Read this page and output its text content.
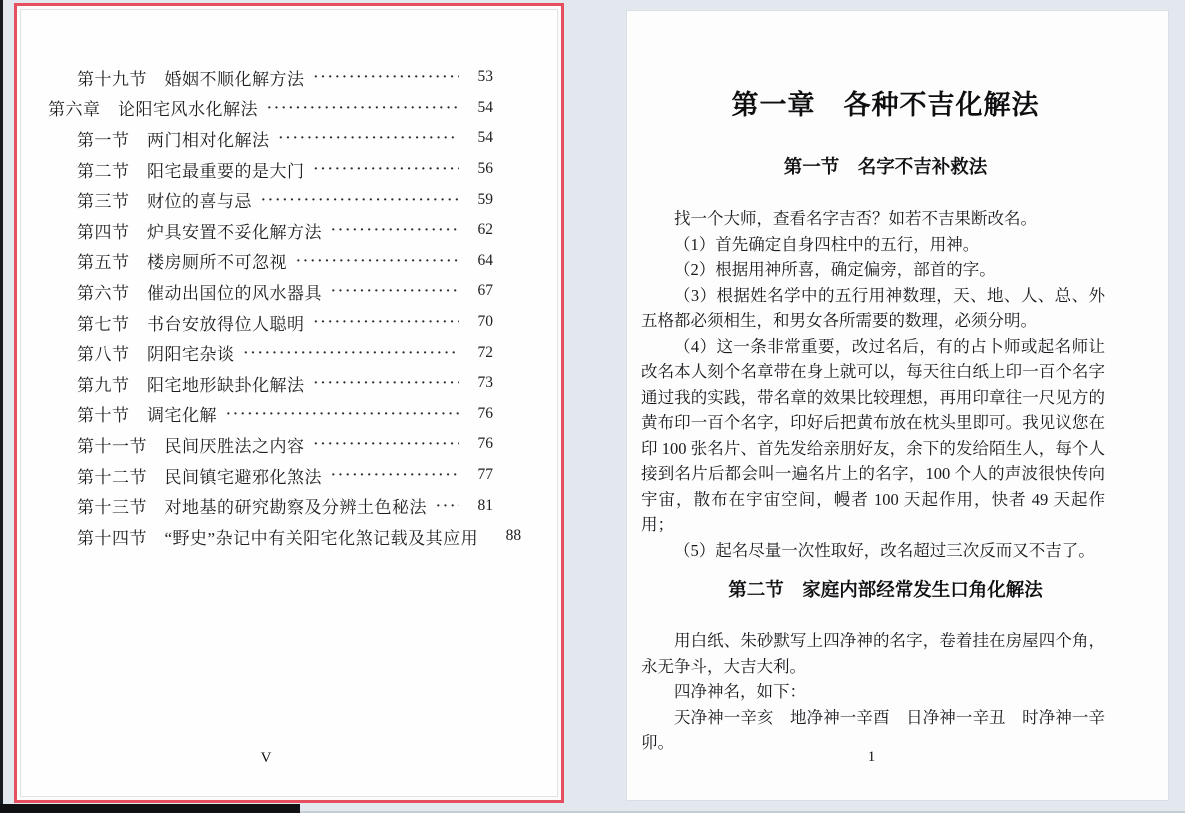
第十九节　婚姻不顺化解方法 ·····	53
第六章　论阳宅风水化解法 ·····	54
第一节　两门相对化解法 ·····	54
第二节　阳宅最重要的是大门 ·····	56
第三节　财位的喜与忌 ·····	59
第四节　炉具安置不妥化解方法 ·····	62
第五节　楼房厕所不可忽视 ·····	64
第六节　催动出国位的风水器具 ·····	67
第七节　书台安放得位人聪明 ·····	70
第八节　阴阳宅杂谈 ·····	72
第九节　阳宅地形缺卦化解法 ·····	73
第十节　调宅化解 ·····	76
第十一节　民间厌胜法之内容 ·····	76
第十二节　民间镇宅避邪化煞法 ·····	77
第十三节　对地基的研究勘察及分辨土色秘法 ·····	81
第十四节　“野史”杂记中有关阳宅化煞记载及其应用	88
V
第一章　各种不吉化解法
第一节　名字不吉补救法

找一个大师，查看名字吉否？如若不吉果断改名。

（1）首先确定自身四柱中的五行，用神。

（2）根据用神所喜，确定偏旁，部首的字。

（3）根据姓名学中的五行用神数理，天、地、人、总、外五格都必须相生，和男女各所需要的数理，必须分明。

（4）这一条非常重要，改过名后，有的占卜师或起名师让改名本人刻个名章带在身上就可以，每天往白纸上印一百个名字通过我的实践，带名章的效果比较理想，再用印章往一尺见方的黄布印一百个名字，印好后把黄布放在枕头里即可。我见议您在印 100 张名片、首先发给亲朋好友，余下的发给陌生人，每个人接到名片后都会叫一遍名片上的名字，100 个人的声波很快传向宇宙，散布在宇宙空间，幔者 100 天起作用，快者 49 天起作用；

（5）起名尽量一次性取好，改名超过三次反而又不吉了。

第二节　家庭内部经常发生口角化解法

用白纸、朱砂默写上四净神的名字，卷着挂在房屋四个角，永无争斗，大吉大利。

四净神名，如下：

天净神一辛亥　地净神一辛酉　日净神一辛丑　时净神一辛卯。

1
